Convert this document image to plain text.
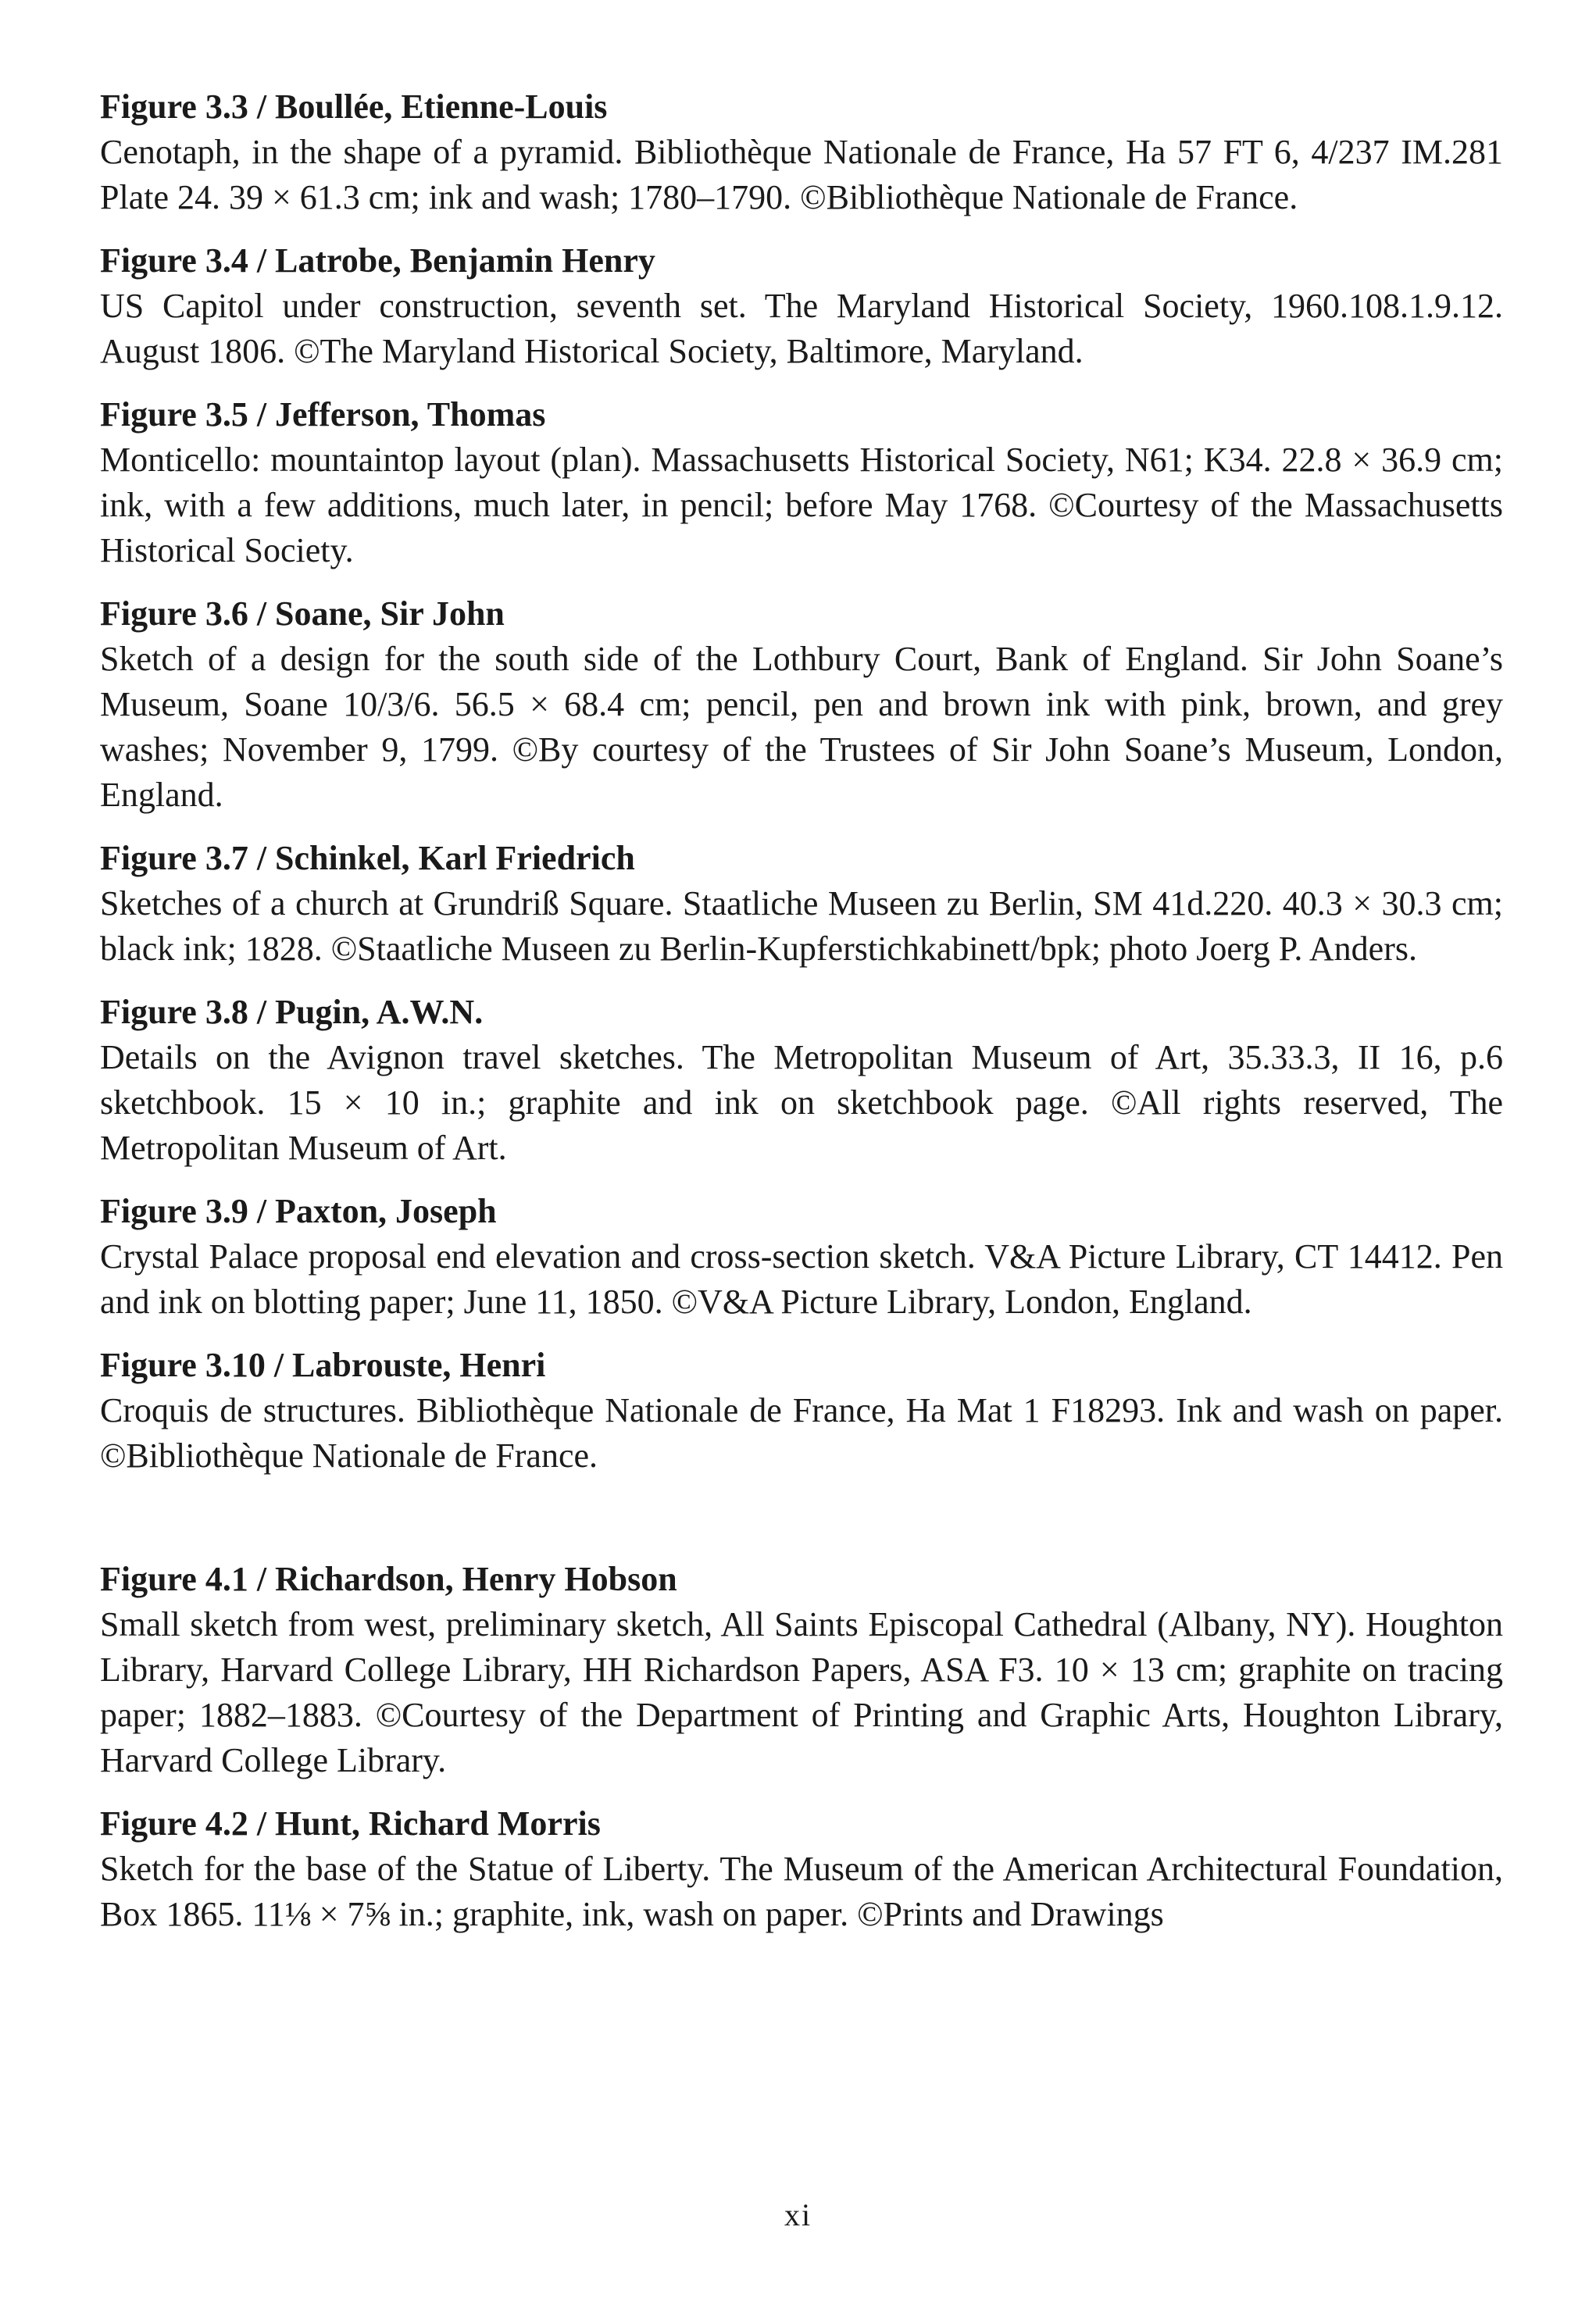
Figure 3.3 / Boullée, Etienne-Louis

Cenotaph, in the shape of a pyramid. Bibliothèque Nationale de France, Ha 57 FT 6, 4/237 IM.281 Plate 24. 39 × 61.3 cm; ink and wash; 1780–1790. ©Bibliothèque Nationale de France.

Figure 3.4 / Latrobe, Benjamin Henry

US Capitol under construction, seventh set. The Maryland Historical Society, 1960.108.1.9.12. August 1806. ©The Maryland Historical Society, Baltimore, Maryland.

Figure 3.5 / Jefferson, Thomas

Monticello: mountaintop layout (plan). Massachusetts Historical Society, N61; K34. 22.8 × 36.9 cm; ink, with a few additions, much later, in pencil; before May 1768. ©Courtesy of the Massachusetts Historical Society.

Figure 3.6 / Soane, Sir John

Sketch of a design for the south side of the Lothbury Court, Bank of England. Sir John Soane’s Museum, Soane 10/3/6. 56.5 × 68.4 cm; pencil, pen and brown ink with pink, brown, and grey washes; November 9, 1799. ©By courtesy of the Trustees of Sir John Soane’s Museum, London, England.

Figure 3.7 / Schinkel, Karl Friedrich

Sketches of a church at Grundriß Square. Staatliche Museen zu Berlin, SM 41d.220. 40.3 × 30.3 cm; black ink; 1828. ©Staatliche Museen zu Berlin-Kupferstichkabinett/bpk; photo Joerg P. Anders.

Figure 3.8 / Pugin, A.W.N.

Details on the Avignon travel sketches. The Metropolitan Museum of Art, 35.33.3, II 16, p.6 sketchbook. 15 × 10 in.; graphite and ink on sketchbook page. ©All rights reserved, The Metropolitan Museum of Art.

Figure 3.9 / Paxton, Joseph

Crystal Palace proposal end elevation and cross-section sketch. V&A Picture Library, CT 14412. Pen and ink on blotting paper; June 11, 1850. ©V&A Picture Library, London, England.

Figure 3.10 / Labrouste, Henri

Croquis de structures. Bibliothèque Nationale de France, Ha Mat 1 F18293. Ink and wash on paper. ©Bibliothèque Nationale de France.

Figure 4.1 / Richardson, Henry Hobson

Small sketch from west, preliminary sketch, All Saints Episcopal Cathedral (Albany, NY). Houghton Library, Harvard College Library, HH Richardson Papers, ASA F3. 10 × 13 cm; graphite on tracing paper; 1882–1883. ©Courtesy of the Department of Printing and Graphic Arts, Houghton Library, Harvard College Library.

Figure 4.2 / Hunt, Richard Morris

Sketch for the base of the Statue of Liberty. The Museum of the American Architectural Foundation, Box 1865. 11⅛ × 7⅝ in.; graphite, ink, wash on paper. ©Prints and Drawings

xi
